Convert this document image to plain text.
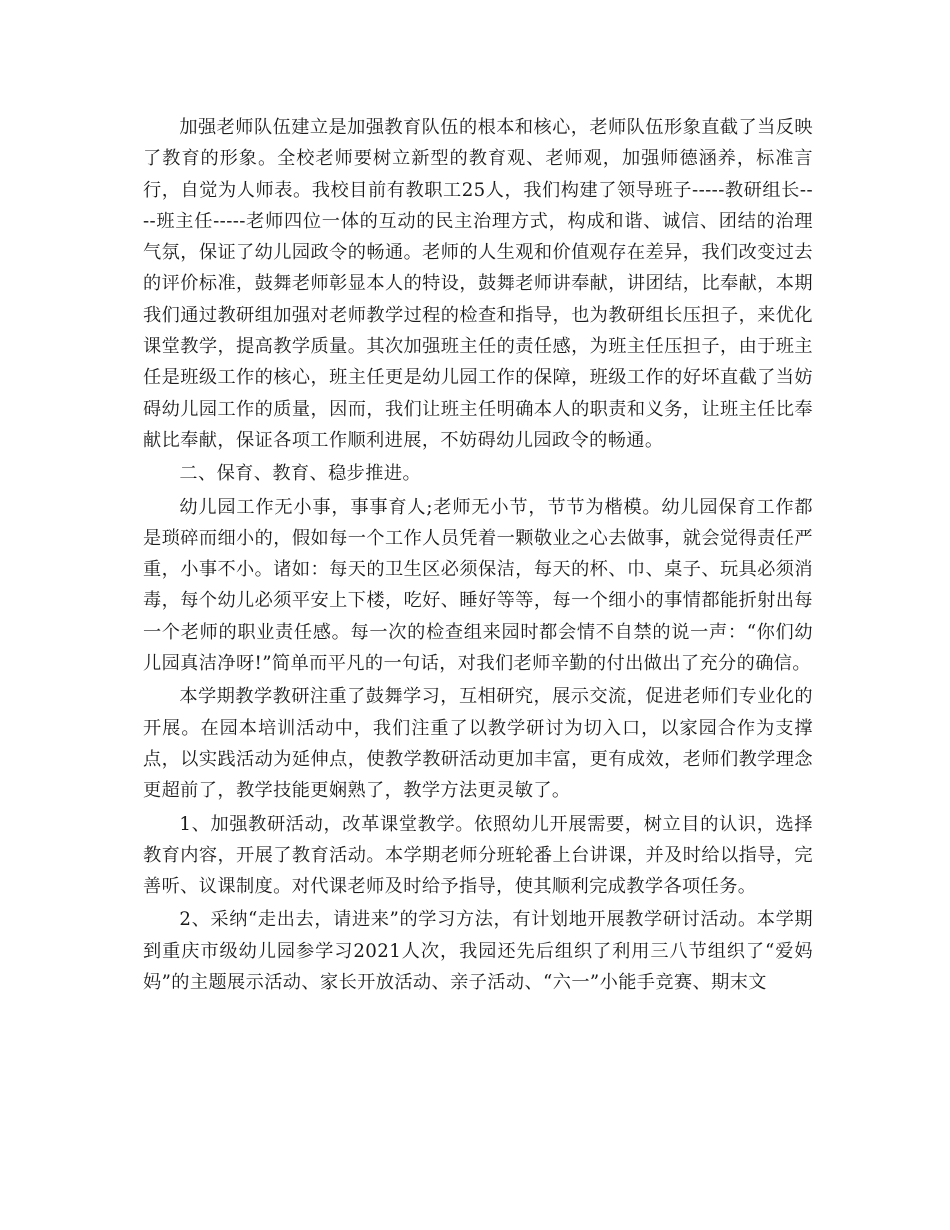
加强老师队伍建立是加强教育队伍的根本和核心，老师队伍形象直截了当反映了教育的形象。全校老师要树立新型的教育观、老师观，加强师德涵养，标准言行，自觉为人师表。我校目前有教职工25人，我们构建了领导班子-----教研组长----班主任-----老师四位一体的互动的民主治理方式，构成和谐、诚信、团结的治理气氛，保证了幼儿园政令的畅通。老师的人生观和价值观存在差异，我们改变过去的评价标准，鼓舞老师彰显本人的特设，鼓舞老师讲奉献，讲团结，比奉献，本期我们通过教研组加强对老师教学过程的检查和指导，也为教研组长压担子，来优化课堂教学，提高教学质量。其次加强班主任的责任感，为班主任压担子，由于班主任是班级工作的核心，班主任更是幼儿园工作的保障，班级工作的好坏直截了当妨碍幼儿园工作的质量，因而，我们让班主任明确本人的职责和义务，让班主任比奉献比奉献，保证各项工作顺利进展，不妨碍幼儿园政令的畅通。

二、保育、教育、稳步推进。

幼儿园工作无小事，事事育人;老师无小节，节节为楷模。幼儿园保育工作都是琐碎而细小的，假如每一个工作人员凭着一颗敬业之心去做事，就会觉得责任严重，小事不小。诸如：每天的卫生区必须保洁，每天的杯、巾、桌子、玩具必须消毒，每个幼儿必须平安上下楼，吃好、睡好等等，每一个细小的事情都能折射出每一个老师的职业责任感。每一次的检查组来园时都会情不自禁的说一声：“你们幼儿园真洁净呀!”简单而平凡的一句话，对我们老师辛勤的付出做出了充分的确信。

本学期教学教研注重了鼓舞学习，互相研究，展示交流，促进老师们专业化的开展。在园本培训活动中，我们注重了以教学研讨为切入口，以家园合作为支撑点，以实践活动为延伸点，使教学教研活动更加丰富，更有成效，老师们教学理念更超前了，教学技能更娴熟了，教学方法更灵敏了。

1、加强教研活动，改革课堂教学。依照幼儿开展需要，树立目的认识，选择教育内容，开展了教育活动。本学期老师分班轮番上台讲课，并及时给以指导，完善听、议课制度。对代课老师及时给予指导，使其顺利完成教学各项任务。

2、采纳“走出去，请进来”的学习方法，有计划地开展教学研讨活动。本学期到重庆市级幼儿园参学习2021人次，我园还先后组织了利用三八节组织了“爱妈妈”的主题展示活动、家长开放活动、亲子活动、“六一”小能手竞赛、期末文
